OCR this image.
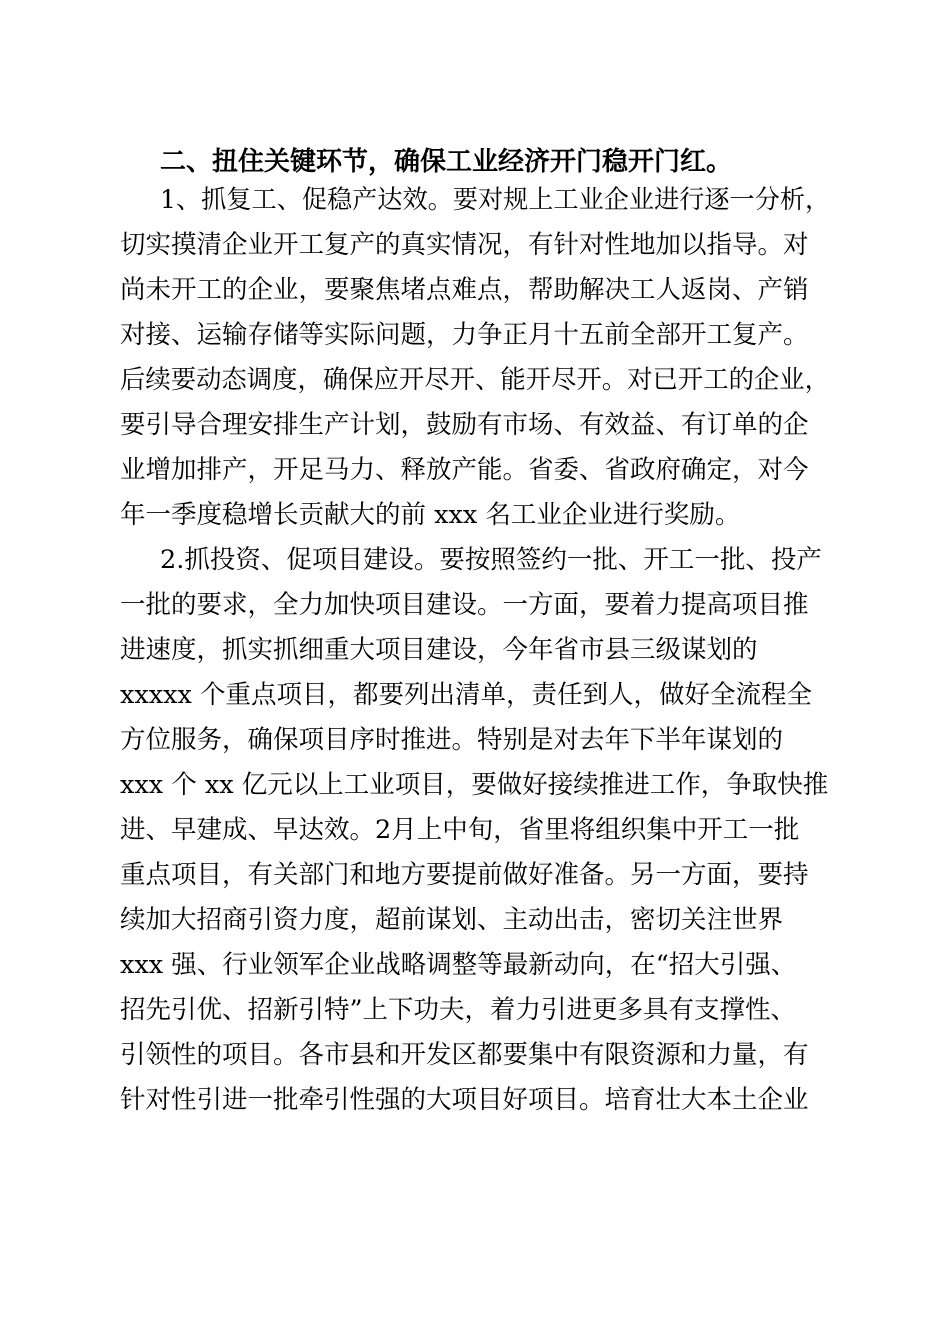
二、扭住关键环节，确保工业经济开门稳开门红。
1、抓复工、促稳产达效。要对规上工业企业进行逐一分析，
切实摸清企业开工复产的真实情况，有针对性地加以指导。对
尚未开工的企业，要聚焦堵点难点，帮助解决工人返岗、产销
对接、运输存储等实际问题，力争正月十五前全部开工复产。
后续要动态调度，确保应开尽开、能开尽开。对已开工的企业，
要引导合理安排生产计划，鼓励有市场、有效益、有订单的企
业增加排产，开足马力、释放产能。省委、省政府确定，对今
年一季度稳增长贡献大的前 xxx 名工业企业进行奖励。
2.抓投资、促项目建设。要按照签约一批、开工一批、投产
一批的要求，全力加快项目建设。一方面，要着力提高项目推
进速度，抓实抓细重大项目建设，今年省市县三级谋划的
xxxxx 个重点项目，都要列出清单，责任到人，做好全流程全
方位服务，确保项目序时推进。特别是对去年下半年谋划的
xxx 个 xx 亿元以上工业项目，要做好接续推进工作，争取快推
进、早建成、早达效。2月上中旬，省里将组织集中开工一批
重点项目，有关部门和地方要提前做好准备。另一方面，要持
续加大招商引资力度，超前谋划、主动出击，密切关注世界
xxx 强、行业领军企业战略调整等最新动向，在“招大引强、
招先引优、招新引特”上下功夫，着力引进更多具有支撑性、
引领性的项目。各市县和开发区都要集中有限资源和力量，有
针对性引进一批牵引性强的大项目好项目。培育壮大本土企业
